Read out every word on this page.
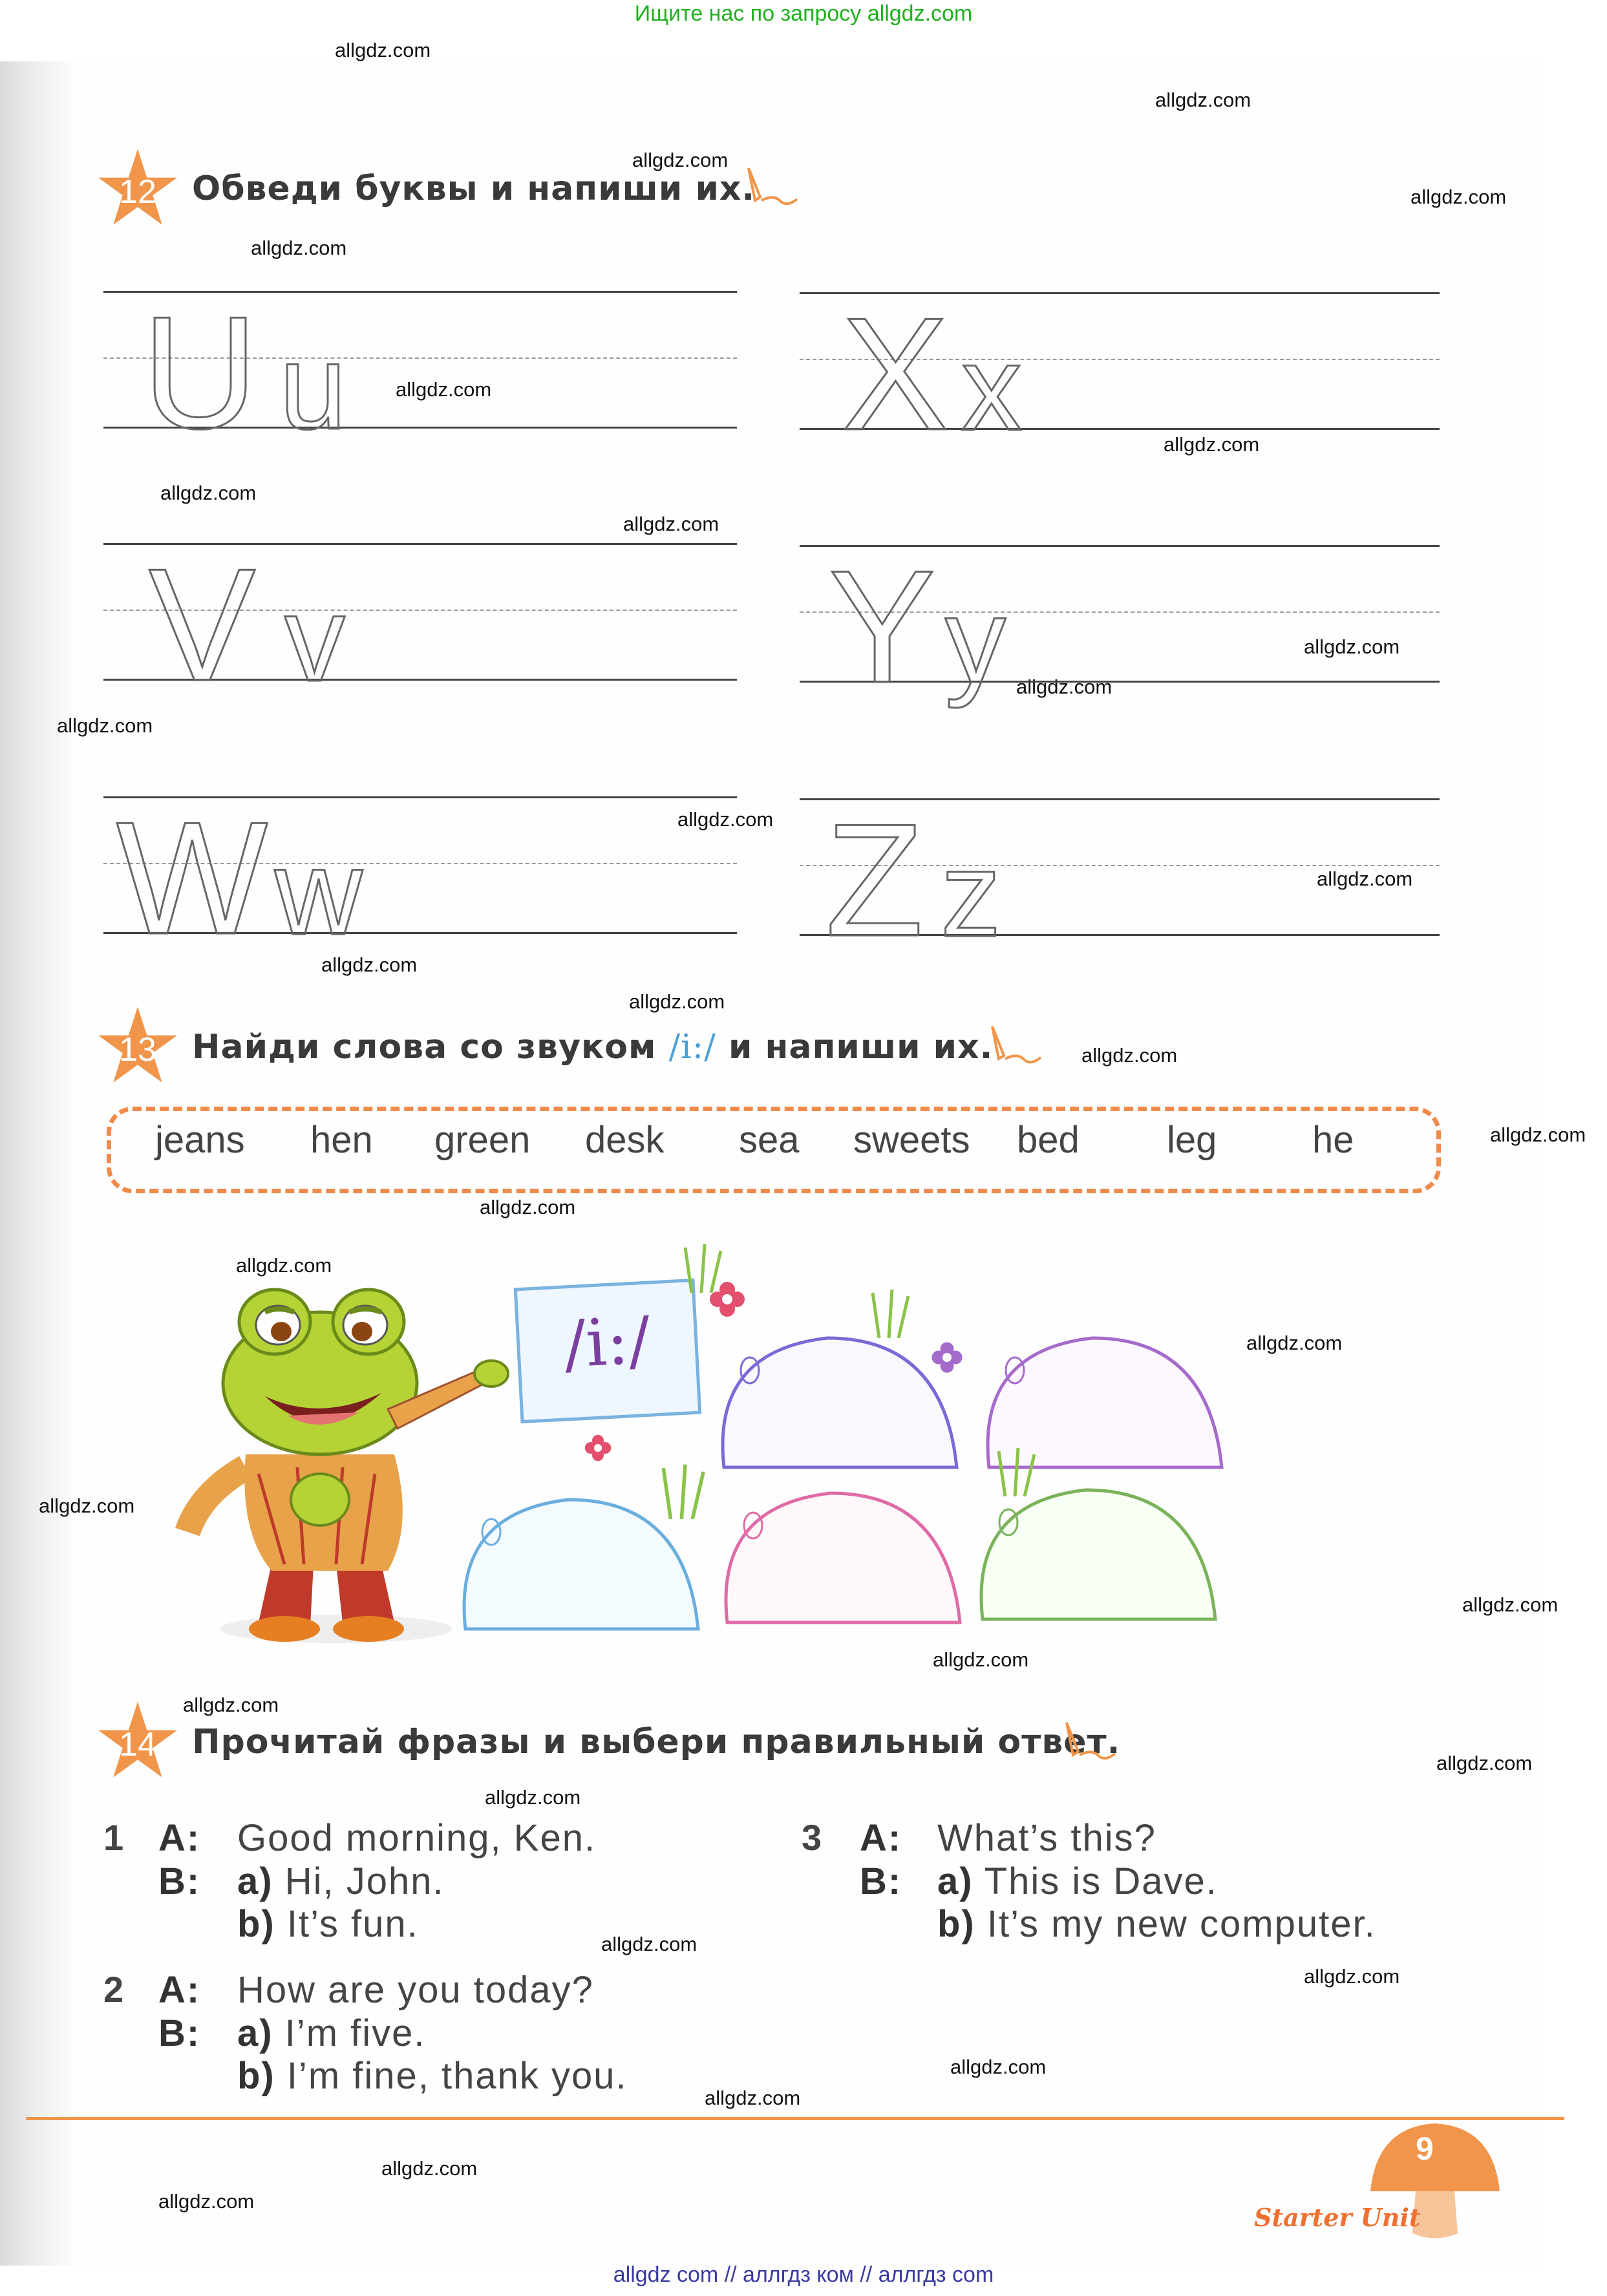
Ищите нас по запросу allgdz.com
allgdz.com
allgdz.com
allgdz.com
allgdz.com
allgdz.com
allgdz.com
allgdz.com
allgdz.com
allgdz.com
allgdz.com
allgdz.com
allgdz.com
allgdz.com
allgdz.com
allgdz.com
allgdz.com
allgdz.com
allgdz.com
allgdz.com
allgdz.com
allgdz.com
allgdz.com
allgdz.com
allgdz.com
allgdz.com
allgdz.com
allgdz.com
allgdz.com
allgdz.com
allgdz.com
allgdz.com
allgdz.com
allgdz.com
12	Обведи буквы и напиши их.
U u	X x
V v	Y y
W w	Z z
13	Найди слова со звуком /i:/ и напиши их.
jeans hen green desk sea sweets bed leg	he
/i:/
14	Прочитай фразы и выбери правильный ответ.
1 A: Good morning, Ken.
B: a) Hi, John.
b) It’s fun.
2 A: How are you today?
B: a) I’m five.
b) I’m fine, thank you.
3 A: What’s this?
B: a) This is Dave.
b) It’s my new computer.
9
Starter Unit
allgdz com // аллгдз ком // аллгдз com
